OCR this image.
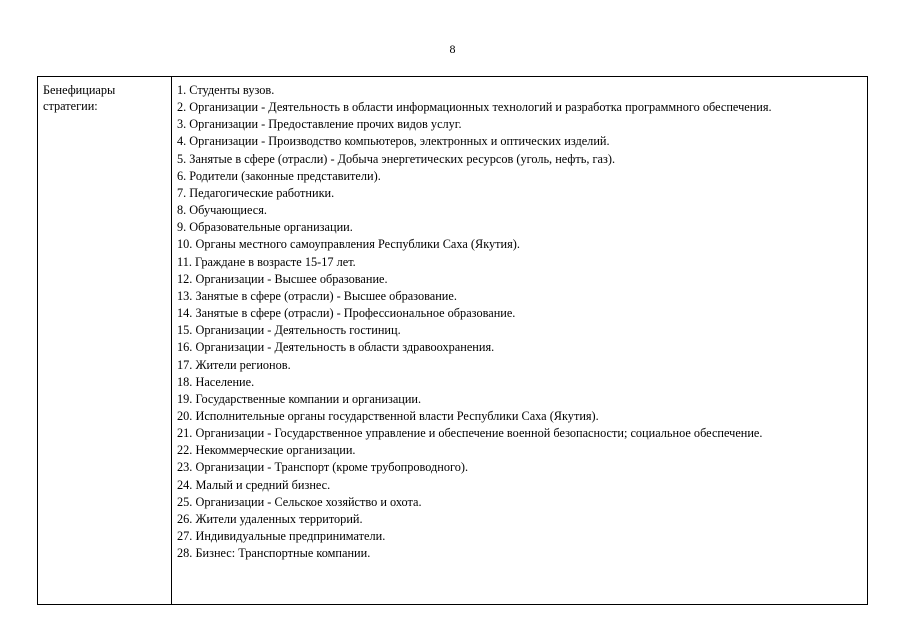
8
Бенефициары стратегии:

1. Студенты вузов.

2. Организации - Деятельность в области информационных технологий и разработка программного обеспечения.

3. Организации - Предоставление прочих видов услуг.

4. Организации - Производство компьютеров, электронных и оптических изделий.

5. Занятые в сфере (отрасли) - Добыча энергетических ресурсов (уголь, нефть, газ).

6. Родители (законные представители).

7. Педагогические работники.

8. Обучающиеся.

9. Образовательные организации.

10. Органы местного самоуправления Республики Саха (Якутия).

11. Граждане в возрасте 15-17 лет.

12. Организации - Высшее образование.

13. Занятые в сфере (отрасли) - Высшее образование.

14. Занятые в сфере (отрасли) - Профессиональное образование.

15. Организации - Деятельность гостиниц.

16. Организации - Деятельность в области здравоохранения.

17. Жители регионов.

18. Население.

19. Государственные компании и организации.

20. Исполнительные органы государственной власти Республики Саха (Якутия).

21. Организации - Государственное управление и обеспечение военной безопасности; социальное обеспечение.

22. Некоммерческие организации.

23. Организации - Транспорт (кроме трубопроводного).

24. Малый и средний бизнес.

25. Организации - Сельское хозяйство и охота.

26. Жители удаленных территорий.

27. Индивидуальные предприниматели.

28. Бизнес: Транспортные компании.
